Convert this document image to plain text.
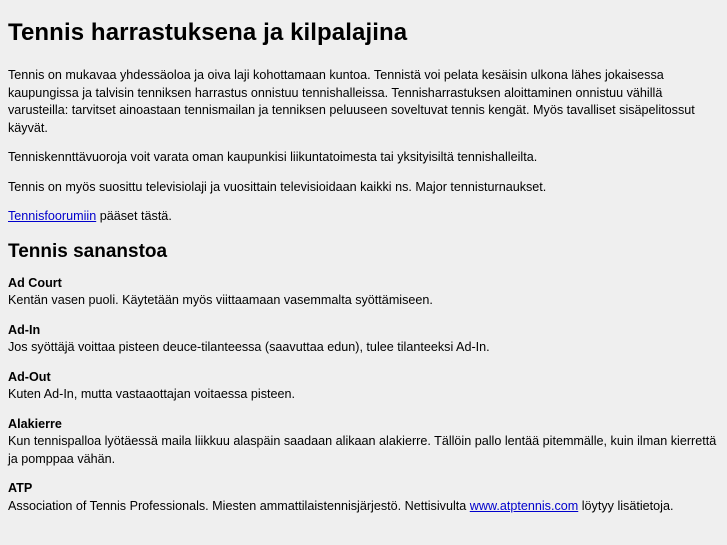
Tennis harrastuksena ja kilpalajina

Tennis on mukavaa yhdessäoloa ja oiva laji kohottamaan kuntoa. Tennistä voi pelata kesäisin ulkona lähes jokaisessa kaupungissa ja talvisin tenniksen harrastus onnistuu tennishalleissa. Tennisharrastuksen aloittaminen onnistuu vähillä varusteilla: tarvitset ainoastaan tennismailan ja tenniksen peluuseen soveltuvat tennis kengät. Myös tavalliset sisäpelitossut käyvät.

Tenniskennttävuoroja voit varata oman kaupunkisi liikuntatoimesta tai yksityisiltä tennishalleilta.

Tennis on myös suosittu televisiolaji ja vuosittain televisioidaan kaikki ns. Major tennisturnaukset.

Tennisfoorumiin pääset tästä.

Tennis sananstoa

Ad Court

Kentän vasen puoli. Käytetään myös viittaamaan vasemmalta syöttämiseen.

Ad-In

Jos syöttäjä voittaa pisteen deuce-tilanteessa (saavuttaa edun), tulee tilanteeksi Ad-In.

Ad-Out

Kuten Ad-In, mutta vastaaottajan voitaessa pisteen.

Alakierre

Kun tennispalloa lyötäessä maila liikkuu alaspäin saadaan alikaan alakierre. Tällöin pallo lentää pitemmälle, kuin ilman kierrettä ja pomppaa vähän.

ATP

Association of Tennis Professionals. Miesten ammattilaistennisjärjestö. Nettisivulta www.atptennis.com löytyy lisätietoja.
